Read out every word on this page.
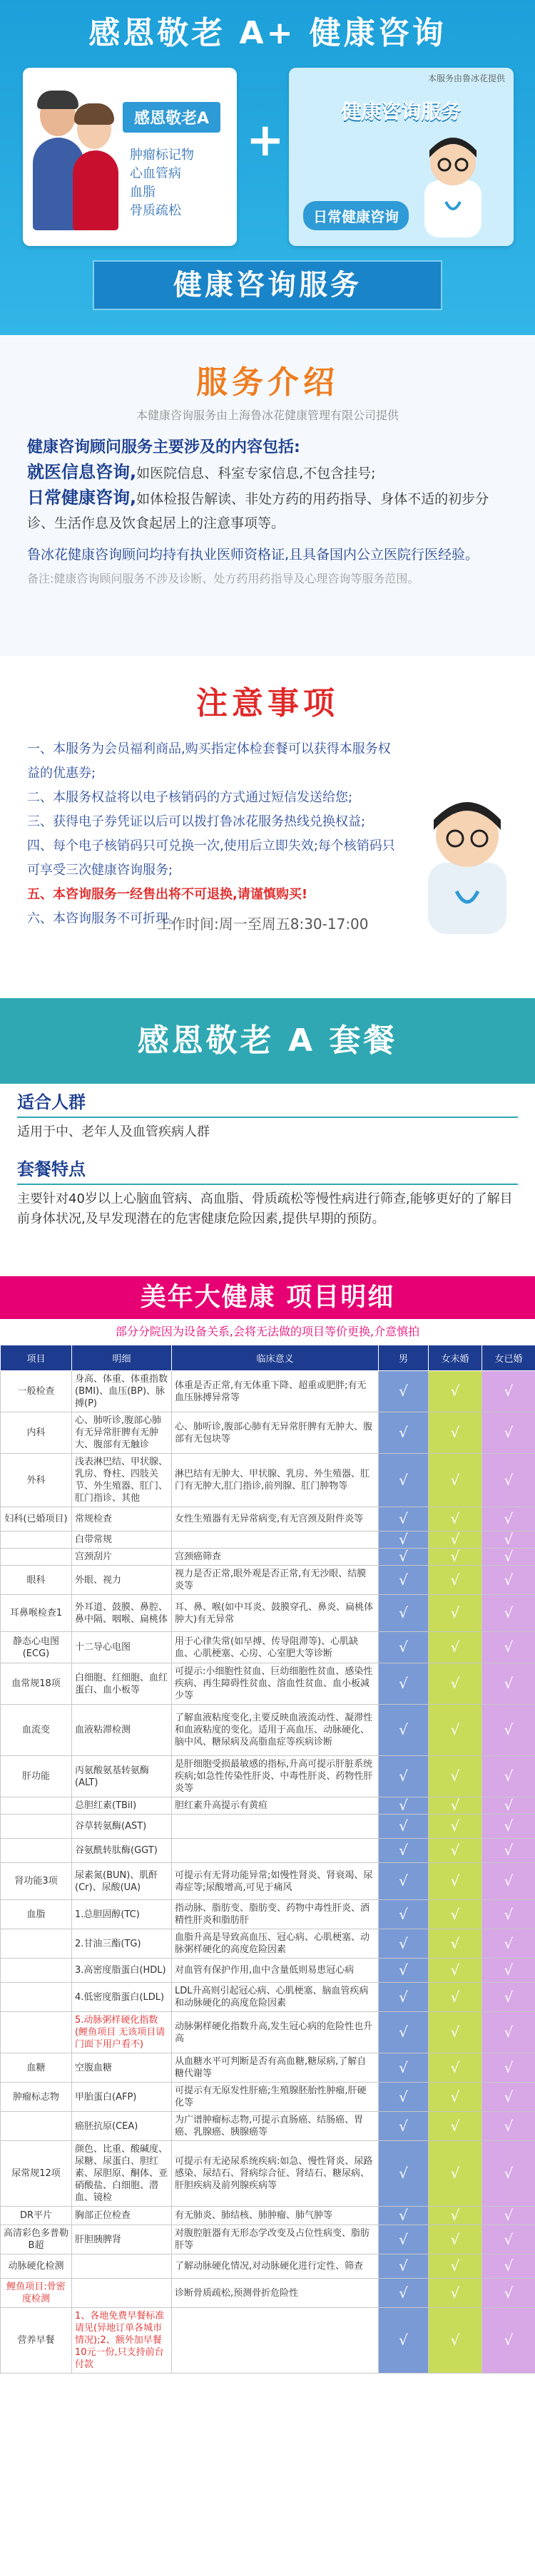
感恩敬老 A+ 健康咨询
感恩敬老A
肿瘤标记物
心血管病
血脂
骨质疏松
+
本服务由鲁冰花提供
健康咨询服务
日常健康咨询
健康咨询服务
服务介绍
本健康咨询服务由上海鲁冰花健康管理有限公司提供
健康咨询顾问服务主要涉及的内容包括:
就医信息咨询,如医院信息、科室专家信息,不包含挂号;
日常健康咨询,如体检报告解读、非处方药的用药指导、身体不适的初步分诊、生活作息及饮食起居上的注意事项等。
鲁冰花健康咨询顾问均持有执业医师资格证,且具备国内公立医院行医经验。
备注:健康咨询顾问服务不涉及诊断、处方药用药指导及心理咨询等服务范围。
注意事项
一、本服务为会员福利商品,购买指定体检套餐可以获得本服务权益的优惠券;
二、本服务权益将以电子核销码的方式通过短信发送给您;
三、获得电子券凭证以后可以拨打鲁冰花服务热线兑换权益;
四、每个电子核销码只可兑换一次,使用后立即失效;每个核销码只可享受三次健康咨询服务;
五、本咨询服务一经售出将不可退换,请谨慎购买!
六、本咨询服务不可折现。
工作时间:周一至周五8:30-17:00
感恩敬老 A 套餐
适合人群
适用于中、老年人及血管疾病人群
套餐特点
主要针对40岁以上心脑血管病、高血脂、骨质疏松等慢性病进行筛查,能够更好的了解目前身体状况,及早发现潜在的危害健康危险因素,提供早期的预防。
美年大健康 项目明细
部分分院因为设备关系,会将无法做的项目等价更换,介意慎拍
项目	明细	临床意义	男	女未婚	女已婚
一般检查	身高、体重、体重指数(BMI)、血压(BP)、脉搏(P)	体重是否正常,有无体重下降、超重或肥胖;有无血压脉搏异常等	√	√	√
内科	心、肺听诊,腹部心肺有无异常肝脾有无肿大、腹部有无触诊	心、肺听诊,腹部心肺有无异常肝脾有无肿大、腹部有无包块等	√	√	√
外科	浅表淋巴结、甲状腺、乳房、脊柱、四肢关节、外生殖器、肛门、肛门指诊、其他	淋巴结有无肿大、甲状腺、乳房、外生殖器、肛门有无肿大,肛门指诊,前列腺、肛门肿物等	√	√	√
妇科(已婚项目)	常规检查	女性生殖器有无异常病变,有无宫颈及附件炎等	√	√	√
	白带常规		√	√	√
	宫颈刮片	宫颈癌筛查	√	√	√
眼科	外眼、视力	视力是否正常,眼外观是否正常,有无沙眼、结膜炎等	√	√	√
耳鼻喉检查1	外耳道、鼓膜、鼻腔、鼻中隔、咽喉、扁桃体	耳、鼻、喉(如中耳炎、鼓膜穿孔、鼻炎、扁桃体肿大)有无异常	√	√	√
静态心电图(ECG)	十二导心电图	用于心律失常(如早搏、传导阻滞等)、心肌缺血、心肌梗塞、心房、心室肥大等诊断	√	√	√
血常规18项	白细胞、红细胞、血红蛋白、血小板等	可提示:小细胞性贫血、巨幼细胞性贫血、感染性疾病、再生障碍性贫血、溶血性贫血、血小板减少等	√	√	√
血流变	血液粘滞检测	了解血液粘度变化,主要反映血液流动性、凝滞性和血液粘度的变化。适用于高血压、动脉硬化、脑中风、糖尿病及高脂血症等疾病诊断	√	√	√
肝功能	丙氨酸氨基转氨酶(ALT)	是肝细胞受损最敏感的指标,升高可提示肝脏系统疾病;如急性传染性肝炎、中毒性肝炎、药物性肝炎等	√	√	√
	总胆红素(TBil)	胆红素升高提示有黄疸	√	√	√
	谷草转氨酶(AST)		√	√	√
	谷氨酰转肽酶(GGT)		√	√	√
肾功能3项	尿素氮(BUN)、肌酐(Cr)、尿酸(UA)	可提示有无肾功能异常;如慢性肾炎、肾衰竭、尿毒症等;尿酸增高,可见于痛风	√	√	√
血脂	1.总胆固醇(TC)	指动脉、脂肪变、脂肪变、药物中毒性肝炎、酒精性肝炎和脂肪肝	√	√	√
	2.甘油三酯(TG)	血脂升高是导致高血压、冠心病、心肌梗塞、动脉粥样硬化的高度危险因素	√	√	√
	3.高密度脂蛋白(HDL)	对血管有保护作用,血中含量低则易患冠心病	√	√	√
	4.低密度脂蛋白(LDL)	LDL升高则引起冠心病、心肌梗塞、脑血管疾病和动脉硬化的高度危险因素	√	√	√
	5.动脉粥样硬化指数(鲤鱼项目 无该项目请门面下用户看不)	动脉粥样硬化指数升高,发生冠心病的危险性也升高	√	√	√
血糖	空腹血糖	从血糖水平可判断是否有高血糖,糖尿病,了解自糖代谢等	√	√	√
肿瘤标志物	甲胎蛋白(AFP)	可提示有无原发性肝癌;生殖腺胚胎性肿瘤,肝硬化等	√	√	√
	癌胚抗原(CEA)	为广谱肿瘤标志物,可提示直肠癌、结肠癌、胃癌、乳腺癌、胰腺癌等	√	√	√
尿常规12项	颜色、比重、酸碱度、尿糖、尿蛋白、胆红素、尿胆原、酮体、亚硝酸盐、白细胞、潜血、镜检	可提示有无泌尿系统疾病:如急、慢性肾炎、尿路感染、尿结石、肾病综合征、肾结石、糖尿病、肝胆疾病及前列腺疾病等	√	√	√
DR平片	胸部正位检查	有无肺炎、肺结核、肺肿瘤、肺气肿等	√	√	√
高清彩色多普勒B超	肝胆胰脾肾	对腹腔脏器有无形态学改变及占位性病变、脂肪肝等	√	√	√
动脉硬化检测		了解动脉硬化情况,对动脉硬化进行定性、筛查	√	√	√
鲤鱼项目:骨密度检测		诊断骨质疏松,预测骨折危险性	√	√	√
营养早餐	1、各地免费早餐标准请见(异地订单各城市情况);2、额外加早餐10元一份,只支持前台付款		√	√	√
